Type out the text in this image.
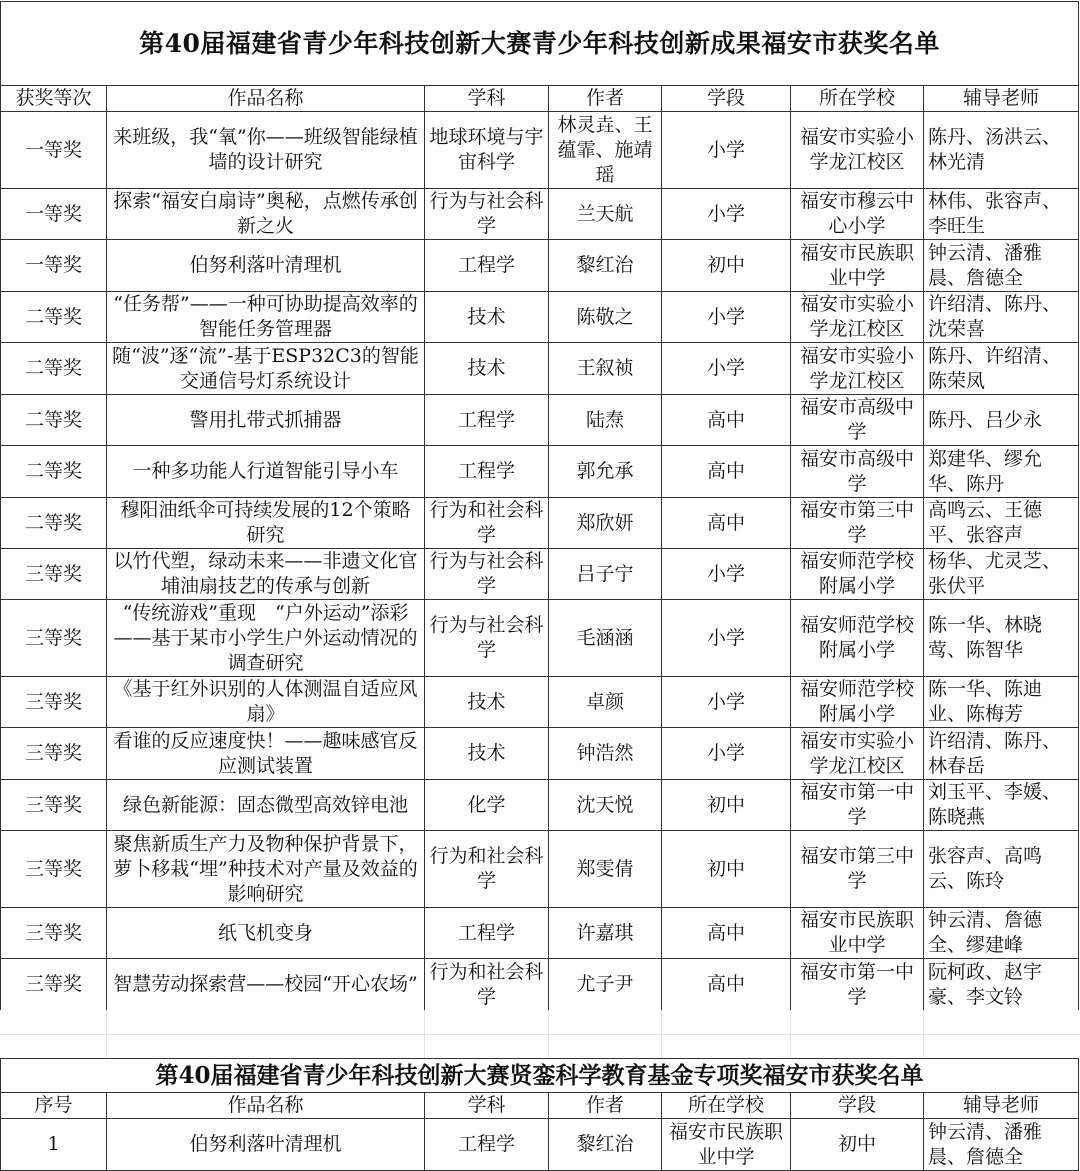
第40届福建省青少年科技创新大赛青少年科技创新成果福安市获奖名单						
获奖等次	作品名称	学科	作者	学段	所在学校	辅导老师
一等奖	来班级，我“氧”你——班级智能绿植墙的设计研究	地球环境与宇宙科学	林灵垚、王蕴霏、施靖瑶	小学	福安市实验小学龙江校区	陈丹、汤洪云、林光清
一等奖	探索“福安白扇诗”奥秘，点燃传承创新之火	行为与社会科学	兰天航	小学	福安市穆云中心小学	林伟、张容声、李旺生
一等奖	伯努利落叶清理机	工程学	黎红治	初中	福安市民族职业中学	钟云清、潘雅晨、詹德全
二等奖	“任务帮”——一种可协助提高效率的智能任务管理器	技术	陈敬之	小学	福安市实验小学龙江校区	许绍清、陈丹、沈荣喜
二等奖	随“波”逐“流”-基于ESP32C3的智能交通信号灯系统设计	技术	王叙祯	小学	福安市实验小学龙江校区	陈丹、许绍清、陈荣凤
二等奖	警用扎带式抓捕器	工程学	陆焘	高中	福安市高级中学	陈丹、吕少永
二等奖	一种多功能人行道智能引导小车	工程学	郭允承	高中	福安市高级中学	郑建华、缪允华、陈丹
二等奖	穆阳油纸伞可持续发展的12个策略研究	行为和社会科学	郑欣妍	高中	福安市第三中学	高鸣云、王德平、张容声
三等奖	以竹代塑，绿动未来——非遗文化官埔油扇技艺的传承与创新	行为与社会科学	吕子宁	小学	福安师范学校附属小学	杨华、尤灵芝、张伏平
三等奖	“传统游戏”重现　“户外运动”添彩——基于某市小学生户外运动情况的调查研究	行为与社会科学	毛涵涵	小学	福安师范学校附属小学	陈一华、林晓莺、陈智华
三等奖	《基于红外识别的人体测温自适应风扇》	技术	卓颜	小学	福安师范学校附属小学	陈一华、陈迪业、陈梅芳
三等奖	看谁的反应速度快！——趣味感官反应测试装置	技术	钟浩然	小学	福安市实验小学龙江校区	许绍清、陈丹、林春岳
三等奖	绿色新能源：固态微型高效锌电池	化学	沈天悦	初中	福安市第一中学	刘玉平、李媛、陈晓燕
三等奖	聚焦新质生产力及物种保护背景下，萝卜移栽“埋”种技术对产量及效益的影响研究	行为和社会科学	郑雯倩	初中	福安市第三中学	张容声、高鸣云、陈玲
三等奖	纸飞机变身	工程学	许嘉琪	高中	福安市民族职业中学	钟云清、詹德全、缪建峰
三等奖	智慧劳动探索营——校园“开心农场”	行为和社会科学	尤子尹	高中	福安市第一中学	阮柯政、赵宇豪、李文铃
第40届福建省青少年科技创新大赛贤銮科学教育基金专项奖福安市获奖名单						
序号	作品名称	学科	作者	所在学校	学段	辅导老师
1	伯努利落叶清理机	工程学	黎红治	福安市民族职业中学	初中	钟云清、潘雅晨、詹德全
